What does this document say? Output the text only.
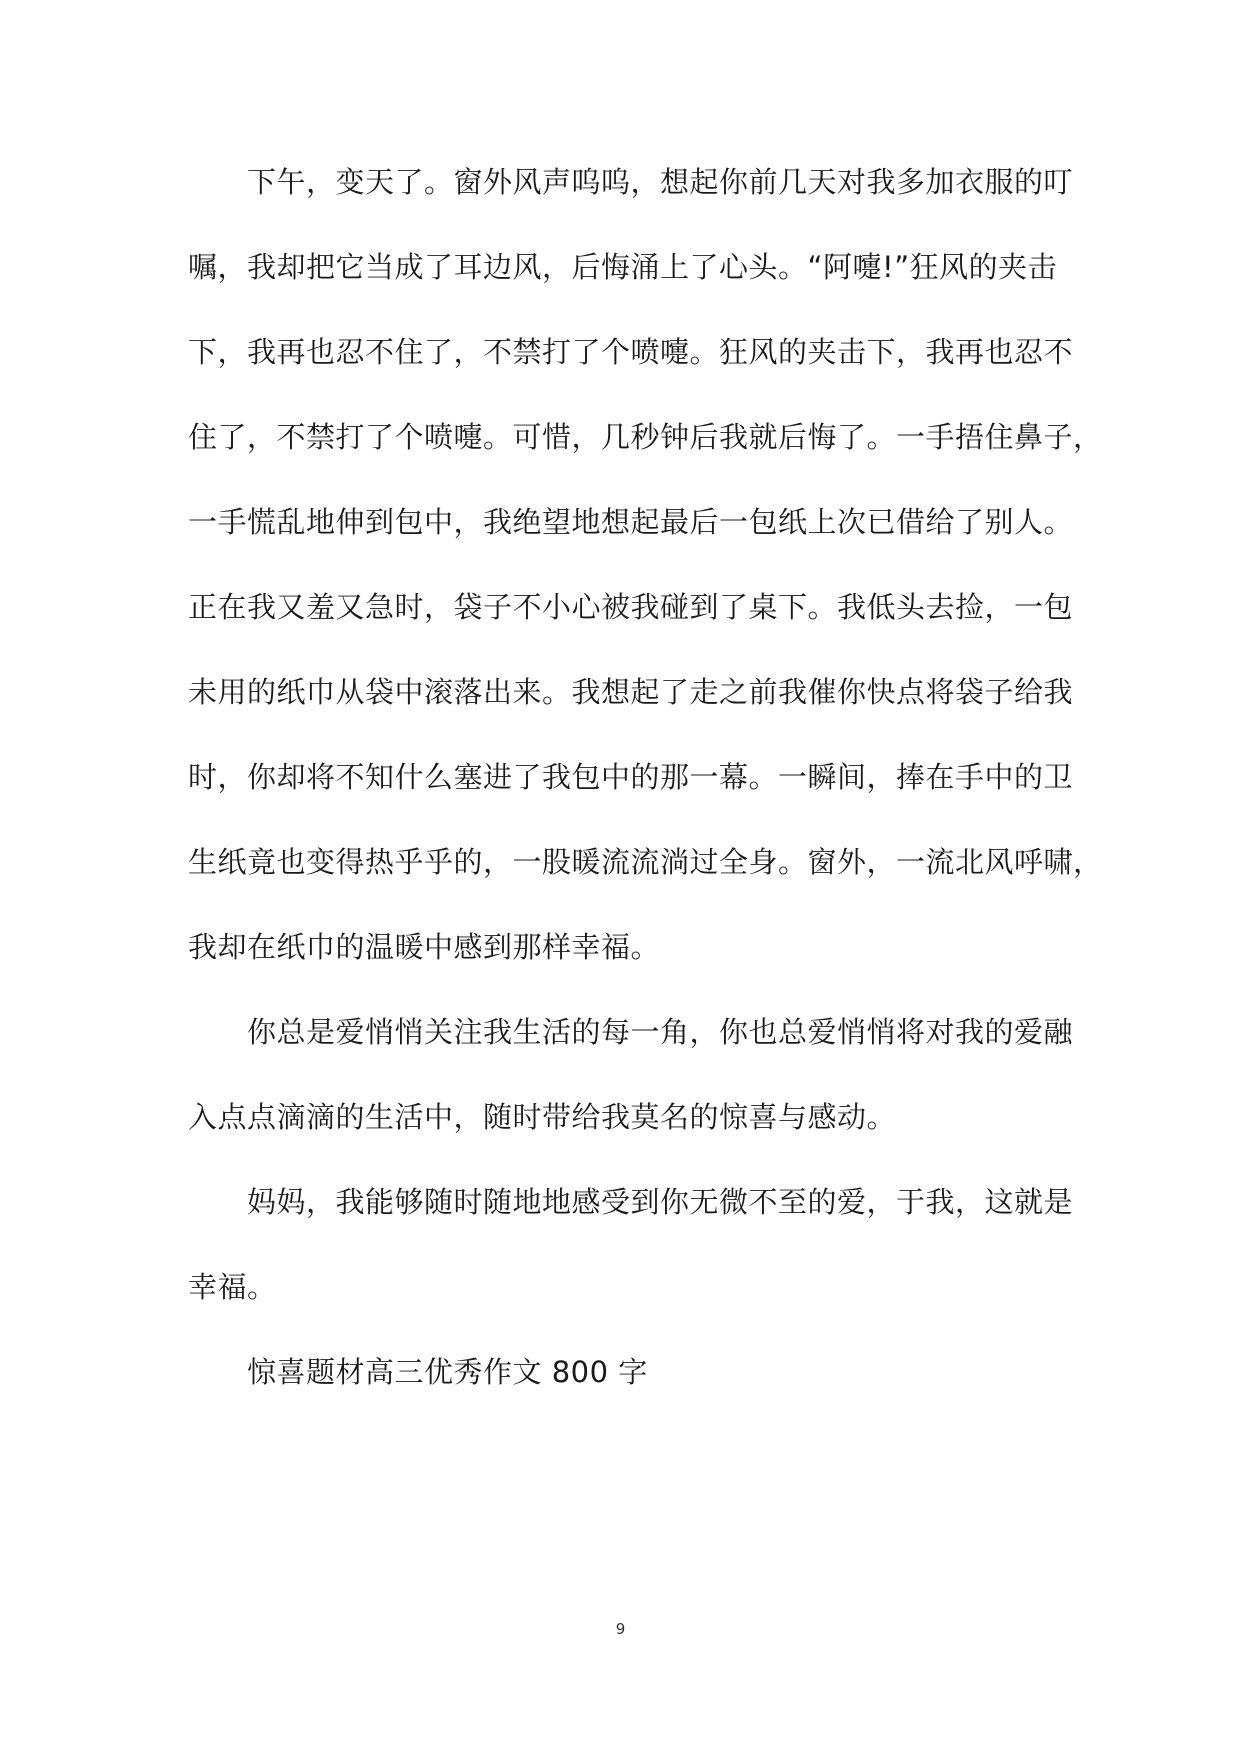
　　下午，变天了。窗外风声呜呜，想起你前几天对我多加衣服的叮
嘱，我却把它当成了耳边风，后悔涌上了心头。“阿嚏!”狂风的夹击
下，我再也忍不住了，不禁打了个喷嚏。狂风的夹击下，我再也忍不
住了，不禁打了个喷嚏。可惜，几秒钟后我就后悔了。一手捂住鼻子，
一手慌乱地伸到包中，我绝望地想起最后一包纸上次已借给了别人。
正在我又羞又急时，袋子不小心被我碰到了桌下。我低头去捡，一包
未用的纸巾从袋中滚落出来。我想起了走之前我催你快点将袋子给我
时，你却将不知什么塞进了我包中的那一幕。一瞬间，捧在手中的卫
生纸竟也变得热乎乎的，一股暖流流淌过全身。窗外，一流北风呼啸，
我却在纸巾的温暖中感到那样幸福。
　　你总是爱悄悄关注我生活的每一角，你也总爱悄悄将对我的爱融
入点点滴滴的生活中，随时带给我莫名的惊喜与感动。
　　妈妈，我能够随时随地地感受到你无微不至的爱，于我，这就是
幸福。
　　惊喜题材高三优秀作文 800 字
9
